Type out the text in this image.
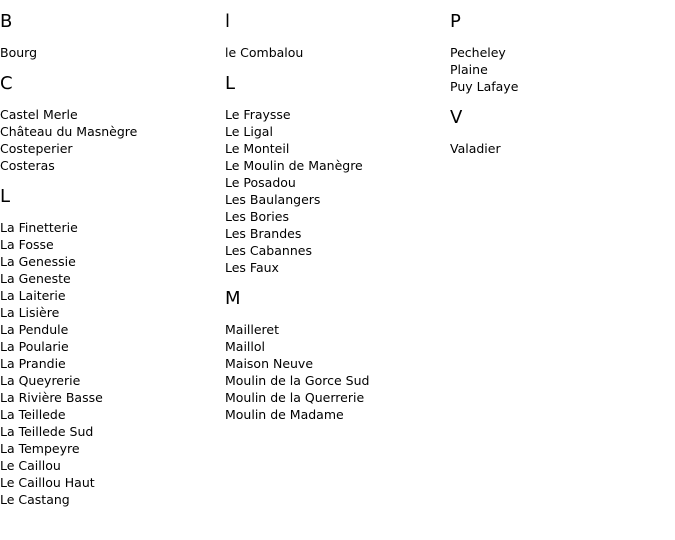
B
Bourg
C
Castel Merle
Château du Masnègre
Costeperier
Costeras
L
La Finetterie
La Fosse
La Genessie
La Geneste
La Laiterie
La Lisière
La Pendule
La Poularie
La Prandie
La Queyrerie
La Rivière Basse
La Teillede
La Teillede Sud
La Tempeyre
Le Caillou
Le Caillou Haut
Le Castang
l
le Combalou
L
Le Fraysse
Le Ligal
Le Monteil
Le Moulin de Manègre
Le Posadou
Les Baulangers
Les Bories
Les Brandes
Les Cabannes
Les Faux
M
Mailleret
Maillol
Maison Neuve
Moulin de la Gorce Sud
Moulin de la Querrerie
Moulin de Madame
P
Pecheley
Plaine
Puy Lafaye
V
Valadier
